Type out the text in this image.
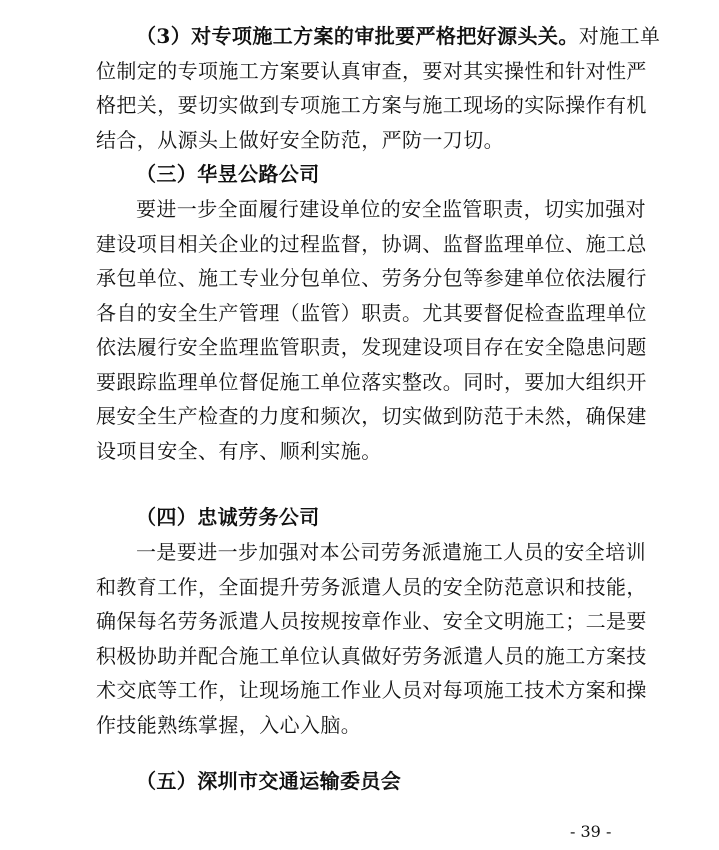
（3）对专项施工方案的审批要严格把好源头关。对施工单
位制定的专项施工方案要认真审查，要对其实操性和针对性严
格把关，要切实做到专项施工方案与施工现场的实际操作有机
结合，从源头上做好安全防范，严防一刀切。
（三）华昱公路公司
要进一步全面履行建设单位的安全监管职责，切实加强对
建设项目相关企业的过程监督，协调、监督监理单位、施工总
承包单位、施工专业分包单位、劳务分包等参建单位依法履行
各自的安全生产管理（监管）职责。尤其要督促检查监理单位
依法履行安全监理监管职责，发现建设项目存在安全隐患问题
要跟踪监理单位督促施工单位落实整改。同时，要加大组织开
展安全生产检查的力度和频次，切实做到防范于未然，确保建
设项目安全、有序、顺利实施。
（四）忠诚劳务公司
一是要进一步加强对本公司劳务派遣施工人员的安全培训
和教育工作，全面提升劳务派遣人员的安全防范意识和技能，
确保每名劳务派遣人员按规按章作业、安全文明施工；二是要
积极协助并配合施工单位认真做好劳务派遣人员的施工方案技
术交底等工作，让现场施工作业人员对每项施工技术方案和操
作技能熟练掌握，入心入脑。
（五）深圳市交通运输委员会
- 39 -
